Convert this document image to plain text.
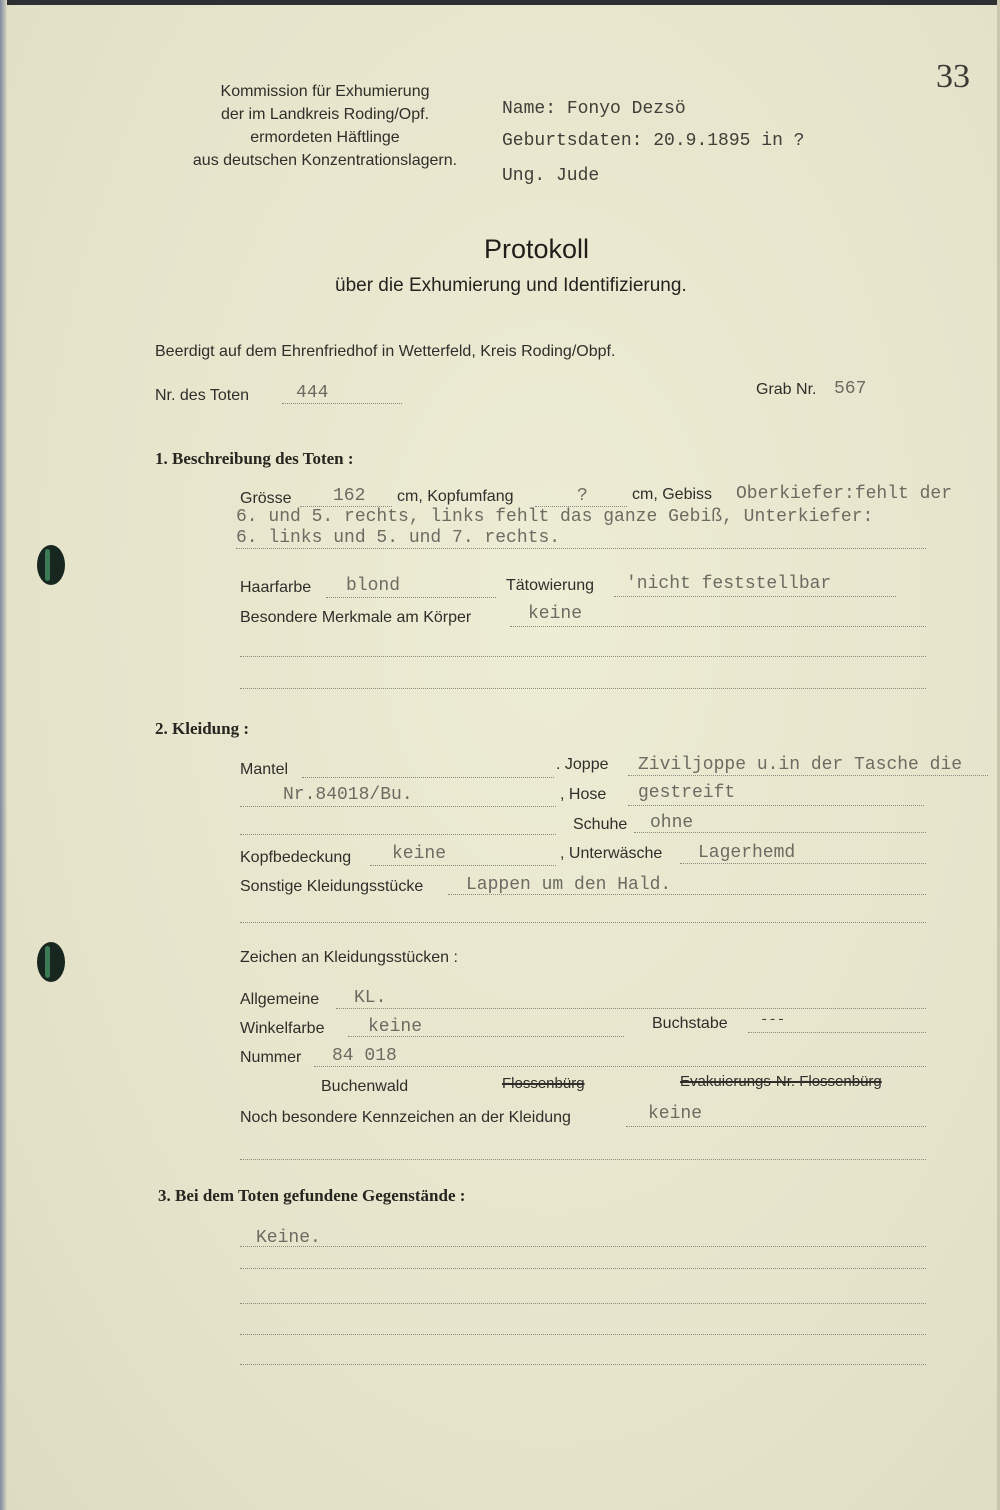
33
Kommission für Exhumierung
der im Landkreis Roding/Opf.
ermordeten Häftlinge
aus deutschen Konzentrationslagern.
Name: Fonyo Dezsö
Geburtsdaten: 20.9.1895 in ?
Ung. Jude
Protokoll
über die Exhumierung und Identifizierung.
Beerdigt auf dem Ehrenfriedhof in Wetterfeld, Kreis Roding/Obpf.
Nr. des Toten	444	Grab Nr. 567
1. Beschreibung des Toten :
Grösse 162 cm, Kopfumfang	?	cm, Gebiss Oberkiefer:fehlt der
6. und 5. rechts, links fehlt das ganze Gebiß, Unterkiefer:
6. links und 5. und 7. rechts.
Haarfarbe blond	Tätowierung 'nicht feststellbar
Besondere Merkmale am Körper	keine
2. Kleidung :
Mantel	. Joppe Ziviljoppe u.in der Tasche die
Nr.84018/Bu.	, Hose gestreift
Schuhe ohne
Kopfbedeckung keine	, Unterwäsche Lagerhemd
Sonstige Kleidungsstücke Lappen um den Hald.
Zeichen an Kleidungsstücken :
Allgemeine KL.
Winkelfarbe keine	Buchstabe ---
Nummer 84 018
Buchenwald	Flossenbürg	Evakuierungs-Nr. Flossenbürg
Noch besondere Kennzeichen an der Kleidung	keine
3. Bei dem Toten gefundene Gegenstände :
Keine.
